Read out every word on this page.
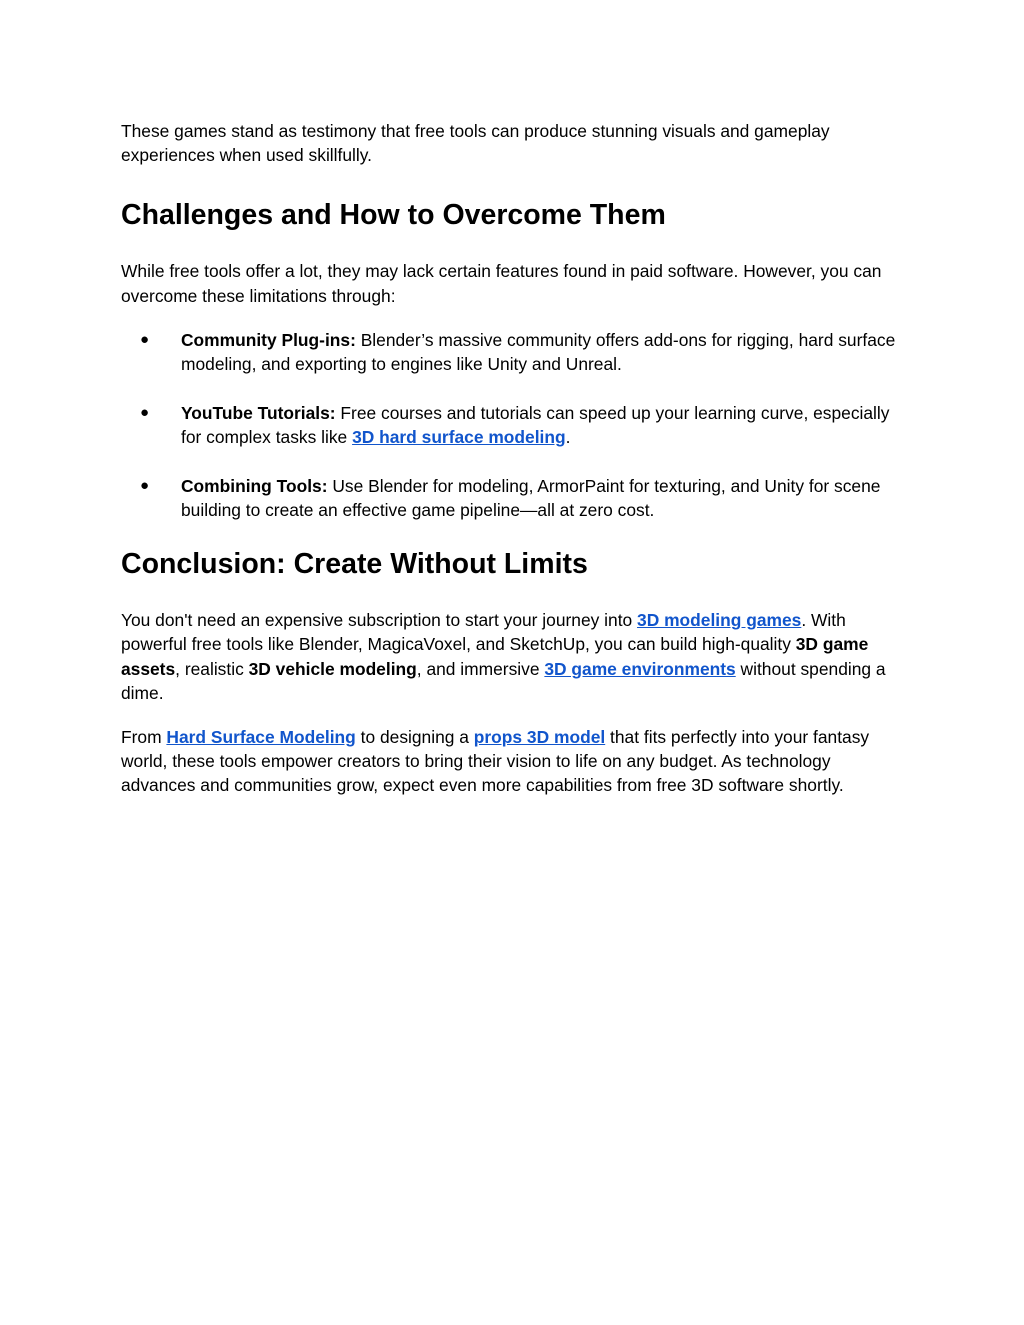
These games stand as testimony that free tools can produce stunning visuals and gameplay experiences when used skillfully.

Challenges and How to Overcome Them

While free tools offer a lot, they may lack certain features found in paid software. However, you can overcome these limitations through:

● Community Plug-ins: Blender’s massive community offers add-ons for rigging, hard surface modeling, and exporting to engines like Unity and Unreal.
● YouTube Tutorials: Free courses and tutorials can speed up your learning curve, especially for complex tasks like 3D hard surface modeling.
● Combining Tools: Use Blender for modeling, ArmorPaint for texturing, and Unity for scene building to create an effective game pipeline—all at zero cost.
Conclusion: Create Without Limits

You don't need an expensive subscription to start your journey into 3D modeling games. With powerful free tools like Blender, MagicaVoxel, and SketchUp, you can build high-quality 3D game assets, realistic 3D vehicle modeling, and immersive 3D game environments without spending a dime.

From Hard Surface Modeling to designing a props 3D model that fits perfectly into your fantasy world, these tools empower creators to bring their vision to life on any budget. As technology advances and communities grow, expect even more capabilities from free 3D software shortly.
